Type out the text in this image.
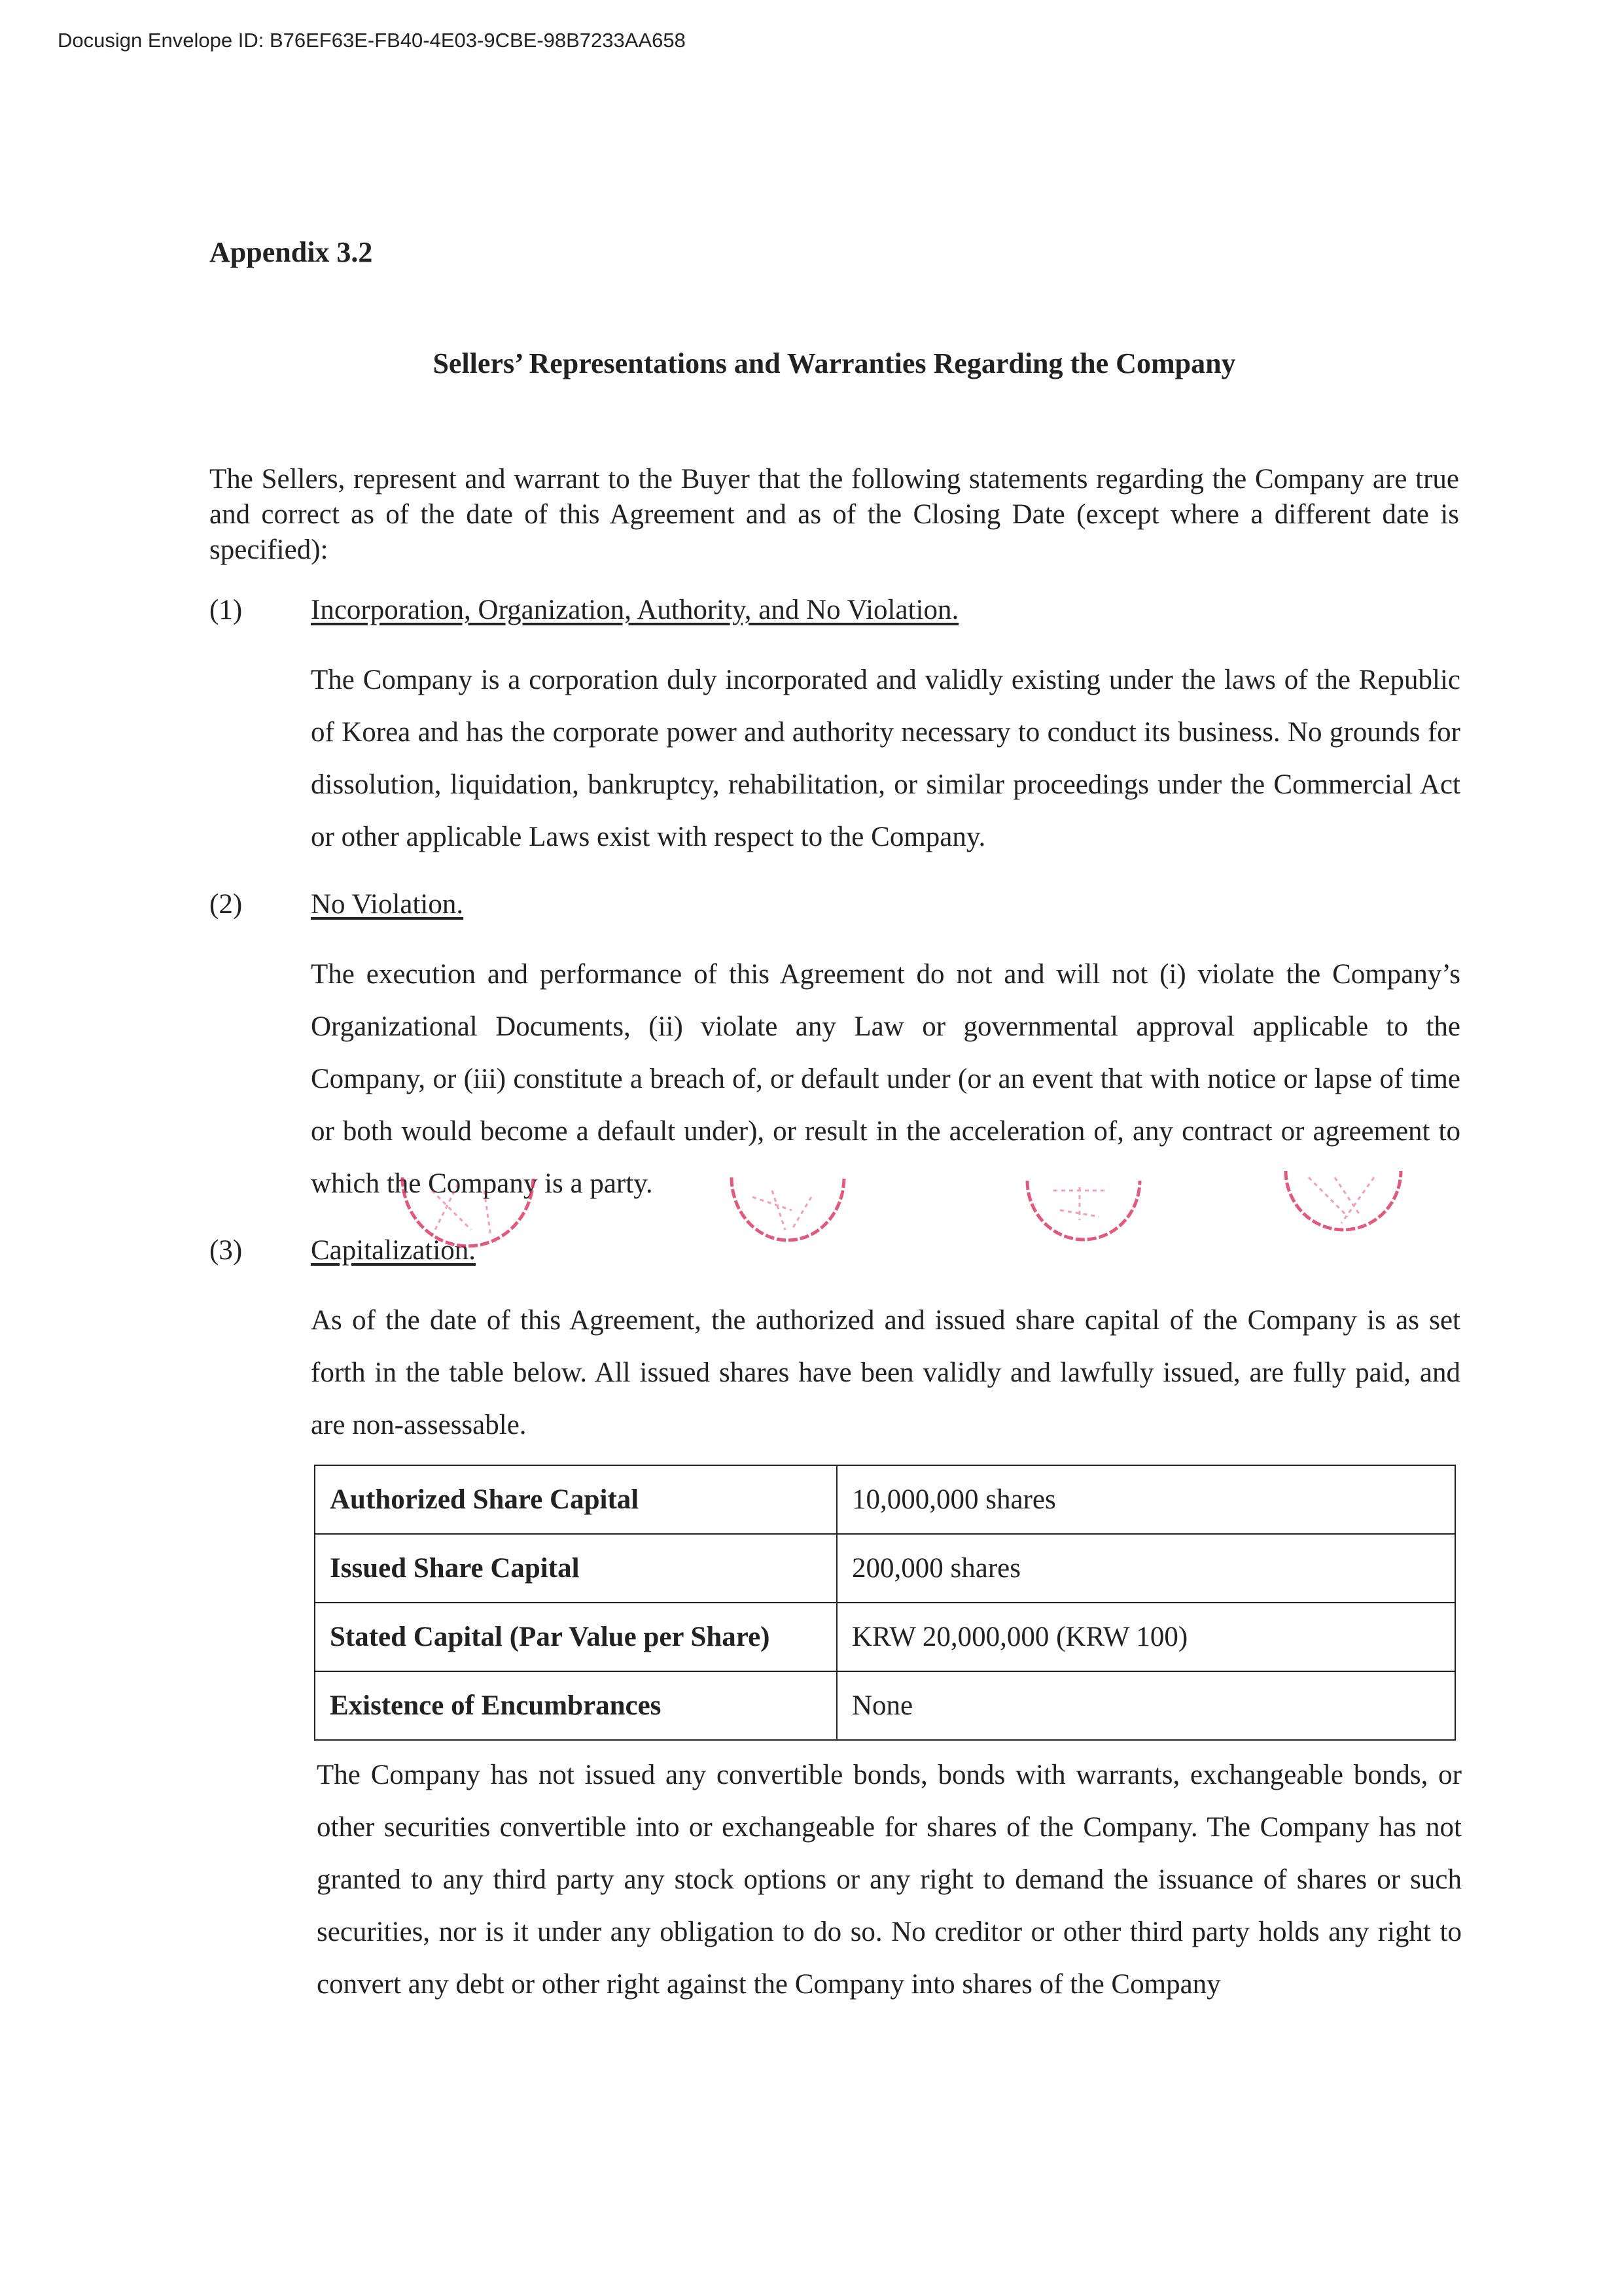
Docusign Envelope ID: B76EF63E-FB40-4E03-9CBE-98B7233AA658
Appendix 3.2
Sellers’ Representations and Warranties Regarding the Company
The Sellers, represent and warrant to the Buyer that the following statements regarding the Company are true and correct as of the date of this Agreement and as of the Closing Date (except where a different date is specified):
(1) Incorporation, Organization, Authority, and No Violation.
The Company is a corporation duly incorporated and validly existing under the laws of the Republic of Korea and has the corporate power and authority necessary to conduct its business. No grounds for dissolution, liquidation, bankruptcy, rehabilitation, or similar proceedings under the Commercial Act or other applicable Laws exist with respect to the Company.
(2) No Violation.
The execution and performance of this Agreement do not and will not (i) violate the Company’s Organizational Documents, (ii) violate any Law or governmental approval applicable to the Company, or (iii) constitute a breach of, or default under (or an event that with notice or lapse of time or both would become a default under), or result in the acceleration of, any contract or agreement to which the Company is a party.
(3) Capitalization.
As of the date of this Agreement, the authorized and issued share capital of the Company is as set forth in the table below. All issued shares have been validly and lawfully issued, are fully paid, and are non-assessable.
Authorized Share Capital	10,000,000 shares
Issued Share Capital	200,000 shares
Stated Capital (Par Value per Share)	KRW 20,000,000 (KRW 100)
Existence of Encumbrances	None
The Company has not issued any convertible bonds, bonds with warrants, exchangeable bonds, or other securities convertible into or exchangeable for shares of the Company. The Company has not granted to any third party any stock options or any right to demand the issuance of shares or such securities, nor is it under any obligation to do so. No creditor or other third party holds any right to convert any debt or other right against the Company into shares of the Company
